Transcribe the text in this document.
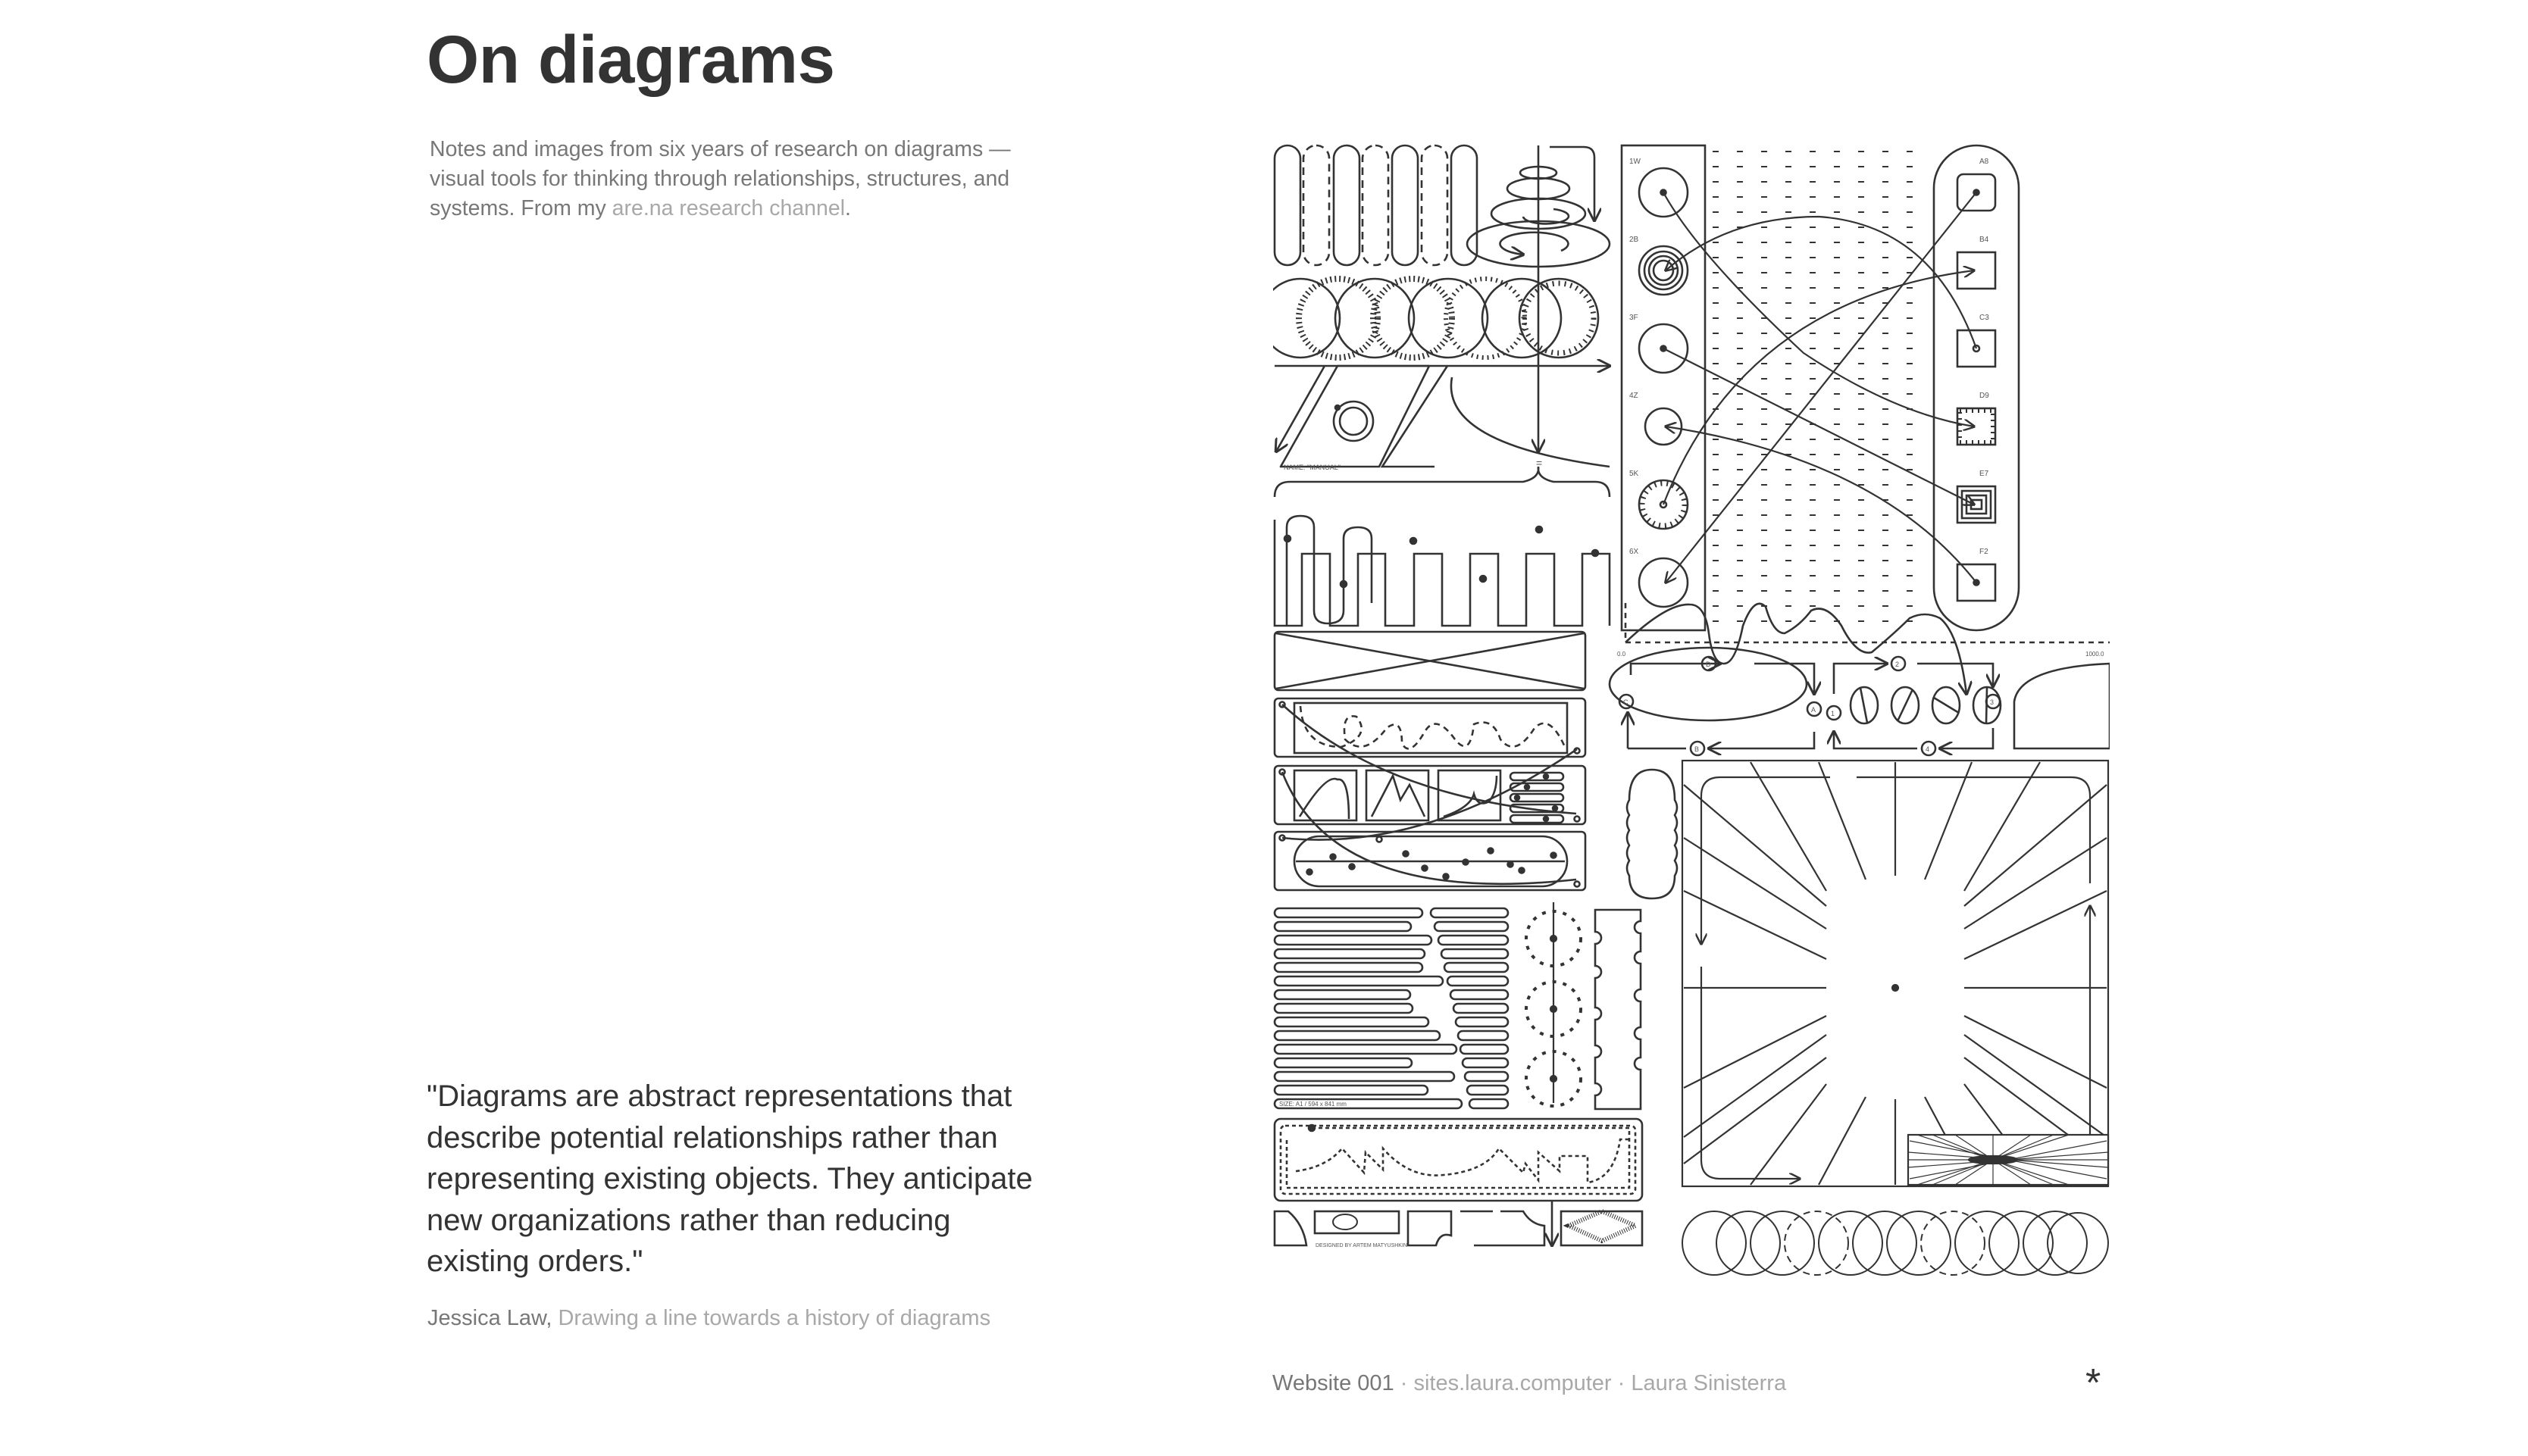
On diagrams

Notes and images from six years of research on diagrams — visual tools for thinking through relationships, structures, and systems. From my are.na research channel.

"Diagrams are abstract representations that describe potential relationships rather than representing existing objects. They anticipate new organizations rather than reducing existing orders."

Jessica Law, Drawing a line towards a history of diagrams

=
NAME: "MANUAL"
SIZE: A1 / 594 x 841 mm
DESIGNED BY ARTEM MATYUSHKIN
1W
2B
3F
4Z
5K
6X
A8
B4
C3
D9
E7
F2
0.0	1000.0
D
A
B
C
2
3
4
1
Website 001 · sites.laura.computer · Laura Sinisterra	*
